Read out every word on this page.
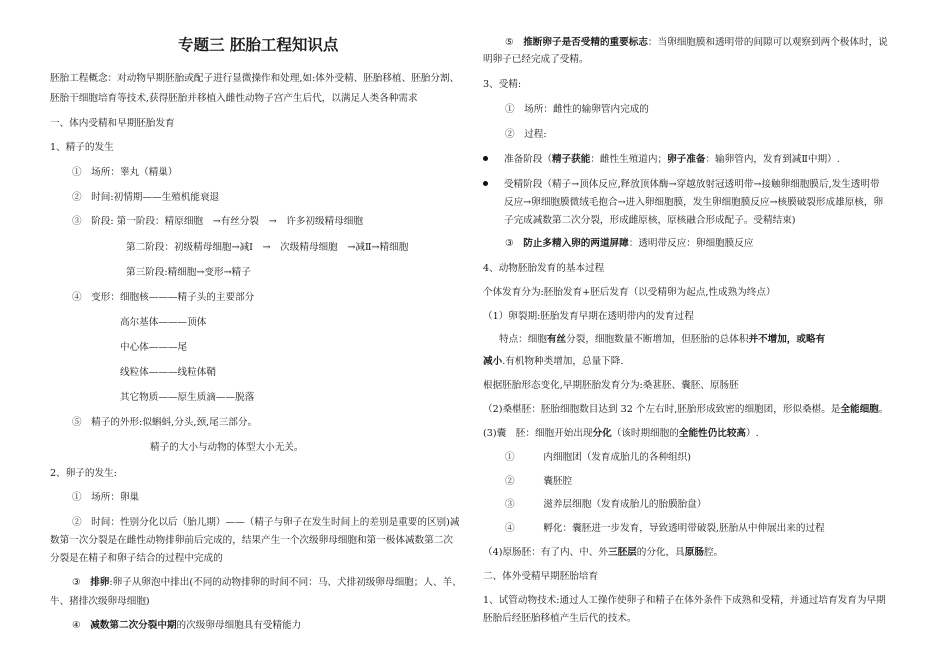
专题三 胚胎工程知识点
胚胎工程概念：对动物早期胚胎或配子进行显微操作和处理,如:体外受精、胚胎移植、胚胎分割、
胚胎干细胞培育等技术,获得胚胎并移植入雌性动物子宫产生后代，以满足人类各种需求
一、体内受精和早期胚胎发育
1、精子的发生
①　场所：睾丸（精巢）
②　时间:初情期——生殖机能衰退
③　阶段: 第一阶段：精原细胞　→有丝分裂　→　许多初级精母细胞
第二阶段：初级精母细胞→减Ⅰ　→　次级精母细胞　→减Ⅱ→精细胞
第三阶段:精细胞→变形→精子
④　变形：细胞核———精子头的主要部分
高尔基体———顶体
中心体———尾
线粒体———线粒体鞘
其它物质——原生质滴——脱落
⑤　精子的外形:似蝌蚪,分头,颈,尾三部分。
精子的大小与动物的体型大小无关。
2、卵子的发生:
①　场所：卵巢
②　时间：性别分化以后（胎儿期）——（精子与卵子在发生时间上的差别是重要的区别)减
数第一次分裂是在雌性动物排卵前后完成的，结果产生一个次级卵母细胞和第一极体减数第二次
分裂是在精子和卵子结合的过程中完成的
③　排卵:卵子从卵泡中排出(不同的动物排卵的时间不同：马、犬排初级卵母细胞；人、羊、
牛、猪排次级卵母细胞)
④　减数第二次分裂中期的次级卵母细胞具有受精能力
⑤　推断卵子是否受精的重要标志：当卵细胞膜和透明带的间隙可以观察到两个极体时，说
明卵子已经完成了受精。
3、受精:
①　场所：雌性的输卵管内完成的
②　过程:
准备阶段（精子获能：雌性生殖道内；卵子准备：输卵管内，发育到减Ⅱ中期）.
受精阶段（精子→顶体反应,释放顶体酶→穿越放射冠透明带→接触卵细胞膜后,发生透明带
反应→卵细胞膜微绒毛抱合→进入卵细胞膜，发生卵细胞膜反应→核膜破裂形成雄原核，卵
子完成减数第二次分裂，形成雌原核，原核融合形成配子。受精结束)
③　防止多精入卵的两道屏障：透明带反应：卵细胞膜反应
4、动物胚胎发育的基本过程
个体发育分为:胚胎发育+胚后发育（以受精卵为起点,性成熟为终点）
（1）卵裂期:胚胎发育早期在透明带内的发育过程
特点：细胞有丝分裂，细胞数量不断增加，但胚胎的总体积并不增加，或略有
减小.有机物种类增加，总量下降.
根据胚胎形态变化,早期胚胎发育分为:桑葚胚、囊胚、原肠胚
（2)桑椹胚：胚胎细胞数目达到 32 个左右时,胚胎形成致密的细胞团，形似桑椹。是全能细胞。
(3)囊　胚：细胞开始出现分化（该时期细胞的全能性仍比较高）.
①　　　内细胞团（发育成胎儿的各种组织)
②　　　囊胚腔
③　　　滋养层细胞（发育成胎儿的胎膜胎盘）
④　　　孵化：囊胚进一步发育，导致透明带破裂,胚胎从中伸展出来的过程
（4)原肠胚：有了内、中、外三胚层的分化，具原肠腔。
二、体外受精早期胚胎培育
1、试管动物技术:通过人工操作使卵子和精子在体外条件下成熟和受精，并通过培育发育为早期
胚胎后经胚胎移植产生后代的技术。
